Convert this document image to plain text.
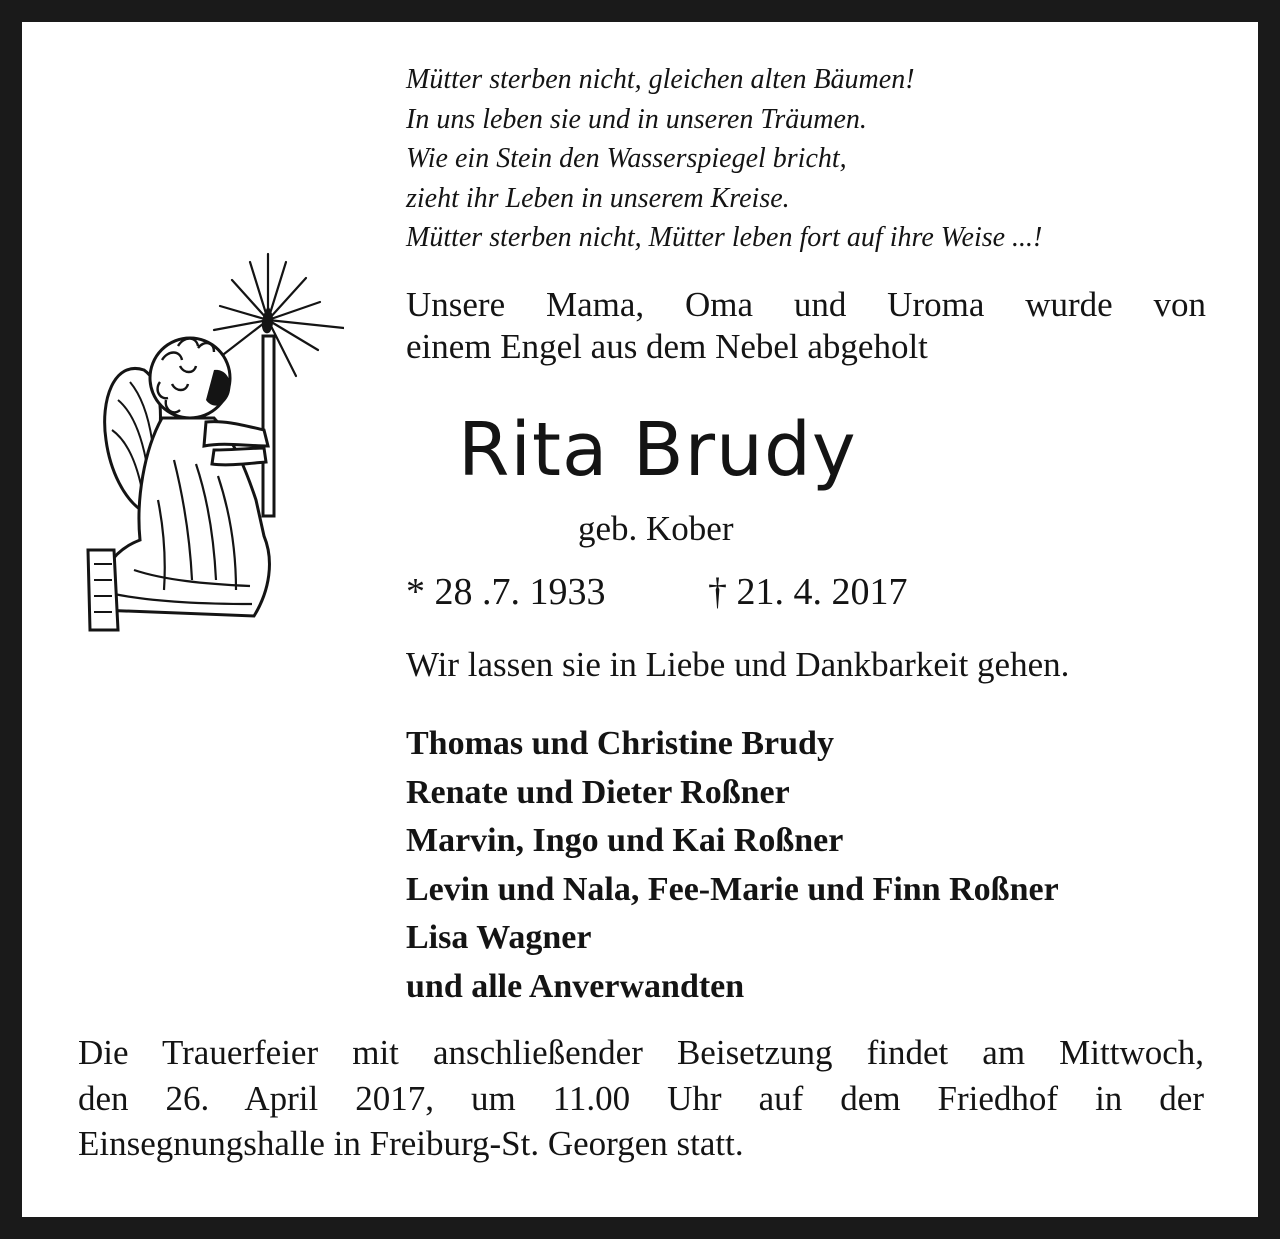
Mütter sterben nicht, gleichen alten Bäumen!
In uns leben sie und in unseren Träumen.
Wie ein Stein den Wasserspiegel bricht,
zieht ihr Leben in unserem Kreise.
Mütter sterben nicht, Mütter leben fort auf ihre Weise ...!
Unsere Mama, Oma und Uroma wurde von
einem Engel aus dem Nebel abgeholt
Rita Brudy
geb. Kober
* 28 .7. 1933	† 21. 4. 2017
Wir lassen sie in Liebe und Dankbarkeit gehen.
Thomas und Christine Brudy
Renate und Dieter Roßner
Marvin, Ingo und Kai Roßner
Levin und Nala, Fee-Marie und Finn Roßner
Lisa Wagner
und alle Anverwandten
Die Trauerfeier mit anschließender Beisetzung findet am Mittwoch,
den 26. April 2017, um 11.00 Uhr auf dem Friedhof in der
Einsegnungshalle in Freiburg-St. Georgen statt.
